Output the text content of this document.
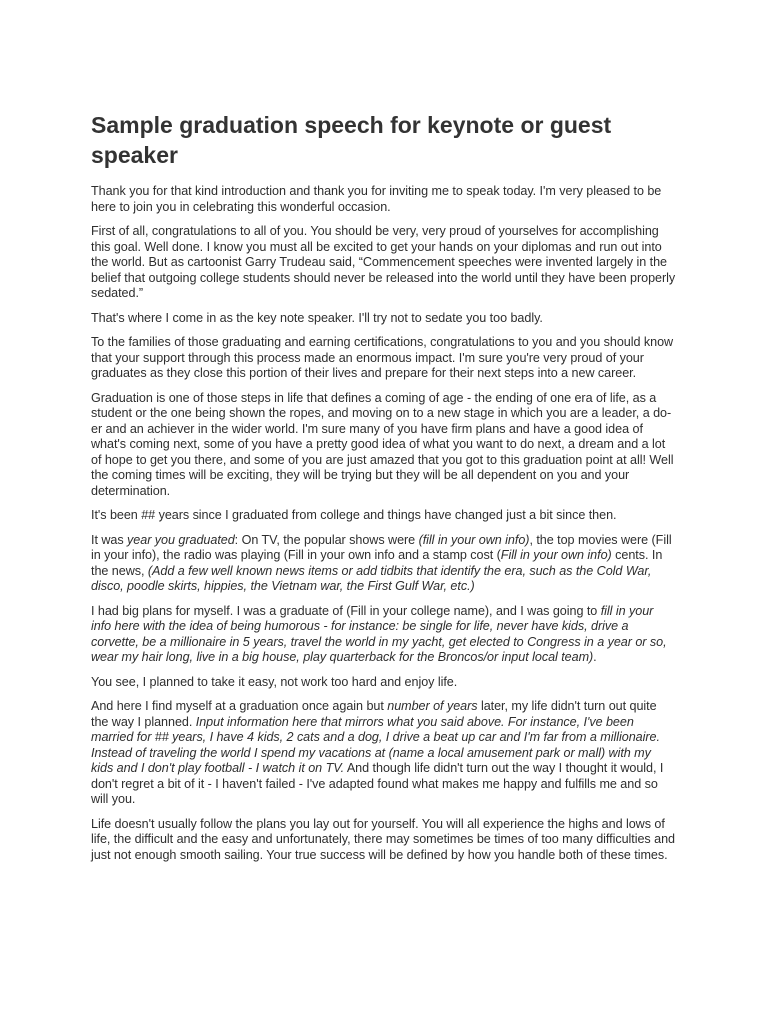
Sample graduation speech for keynote or guest speaker

Thank you for that kind introduction and thank you for inviting me to speak today. I'm very pleased to be here to join you in celebrating this wonderful occasion.

First of all, congratulations to all of you. You should be very, very proud of yourselves for accomplishing this goal. Well done. I know you must all be excited to get your hands on your diplomas and run out into the world. But as cartoonist Garry Trudeau said, “Commencement speeches were invented largely in the belief that outgoing college students should never be released into the world until they have been properly sedated.”

That's where I come in as the key note speaker. I'll try not to sedate you too badly.

To the families of those graduating and earning certifications, congratulations to you and you should know that your support through this process made an enormous impact. I'm sure you're very proud of your graduates as they close this portion of their lives and prepare for their next steps into a new career.

Graduation is one of those steps in life that defines a coming of age - the ending of one era of life, as a student or the one being shown the ropes, and moving on to a new stage in which you are a leader, a do-er and an achiever in the wider world. I'm sure many of you have firm plans and have a good idea of what's coming next, some of you have a pretty good idea of what you want to do next, a dream and a lot of hope to get you there, and some of you are just amazed that you got to this graduation point at all! Well the coming times will be exciting, they will be trying but they will be all dependent on you and your determination.

It's been ## years since I graduated from college and things have changed just a bit since then.

It was year you graduated: On TV, the popular shows were (fill in your own info), the top movies were (Fill in your info), the radio was playing (Fill in your own info and a stamp cost (Fill in your own info) cents. In the news, (Add a few well known news items or add tidbits that identify the era, such as the Cold War, disco, poodle skirts, hippies, the Vietnam war, the First Gulf War, etc.)

I had big plans for myself. I was a graduate of (Fill in your college name), and I was going to fill in your info here with the idea of being humorous - for instance: be single for life, never have kids, drive a corvette, be a millionaire in 5 years, travel the world in my yacht, get elected to Congress in a year or so, wear my hair long, live in a big house, play quarterback for the Broncos/or input local team).

You see, I planned to take it easy, not work too hard and enjoy life.

And here I find myself at a graduation once again but number of years later, my life didn't turn out quite the way I planned. Input information here that mirrors what you said above. For instance, I've been married for ## years, I have 4 kids, 2 cats and a dog, I drive a beat up car and I'm far from a millionaire. Instead of traveling the world I spend my vacations at (name a local amusement park or mall) with my kids and I don't play football - I watch it on TV. And though life didn't turn out the way I thought it would, I don't regret a bit of it - I haven't failed - I've adapted found what makes me happy and fulfills me and so will you.

Life doesn't usually follow the plans you lay out for yourself. You will all experience the highs and lows of life, the difficult and the easy and unfortunately, there may sometimes be times of too many difficulties and just not enough smooth sailing. Your true success will be defined by how you handle both of these times.
